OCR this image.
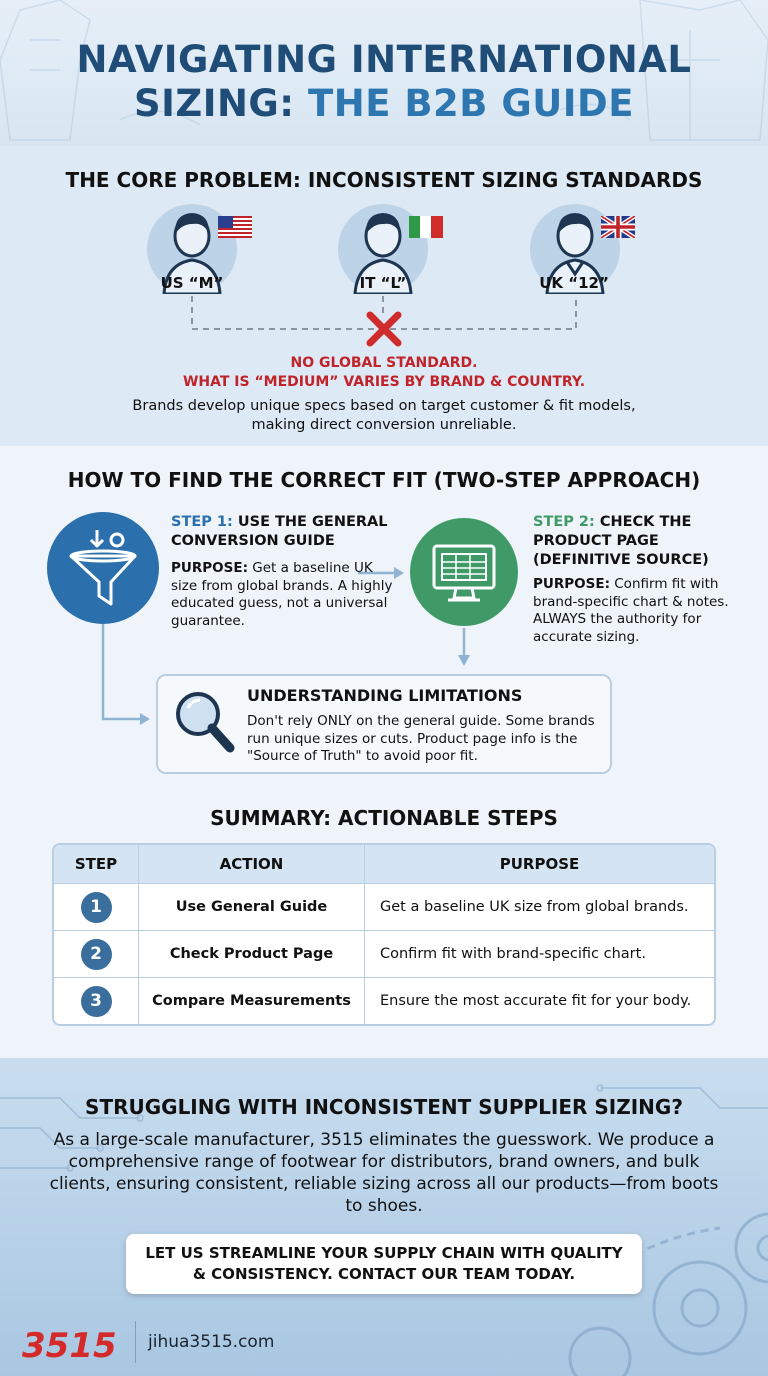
NAVIGATING INTERNATIONAL
SIZING: THE B2B GUIDE
THE CORE PROBLEM: INCONSISTENT SIZING STANDARDS
US “M”	IT “L”	UK “12”
NO GLOBAL STANDARD.
WHAT IS “MEDIUM” VARIES BY BRAND & COUNTRY.
Brands develop unique specs based on target customer & fit models,
making direct conversion unreliable.
HOW TO FIND THE CORRECT FIT (TWO-STEP APPROACH)
STEP 1: USE THE GENERAL
CONVERSION GUIDE
PURPOSE: Get a baseline UK size from global brands. A highly educated guess, not a universal guarantee.
STEP 2: CHECK THE
PRODUCT PAGE
(DEFINITIVE SOURCE)
PURPOSE: Confirm fit with brand-specific chart & notes. ALWAYS the authority for accurate sizing.
UNDERSTANDING LIMITATIONS
Don't rely ONLY on the general guide. Some brands run unique sizes or cuts. Product page info is the "Source of Truth" to avoid poor fit.
SUMMARY: ACTIONABLE STEPS
STEP	ACTION	PURPOSE
1	Use General Guide	Get a baseline UK size from global brands.
2	Check Product Page	Confirm fit with brand-specific chart.
3	Compare Measurements	Ensure the most accurate fit for your body.
STRUGGLING WITH INCONSISTENT SUPPLIER SIZING?
As a large-scale manufacturer, 3515 eliminates the guesswork. We produce a comprehensive range of footwear for distributors, brand owners, and bulk clients, ensuring consistent, reliable sizing across all our products—from boots to shoes.
LET US STREAMLINE YOUR SUPPLY CHAIN WITH QUALITY
& CONSISTENCY. CONTACT OUR TEAM TODAY.
3515 jihua3515.com
